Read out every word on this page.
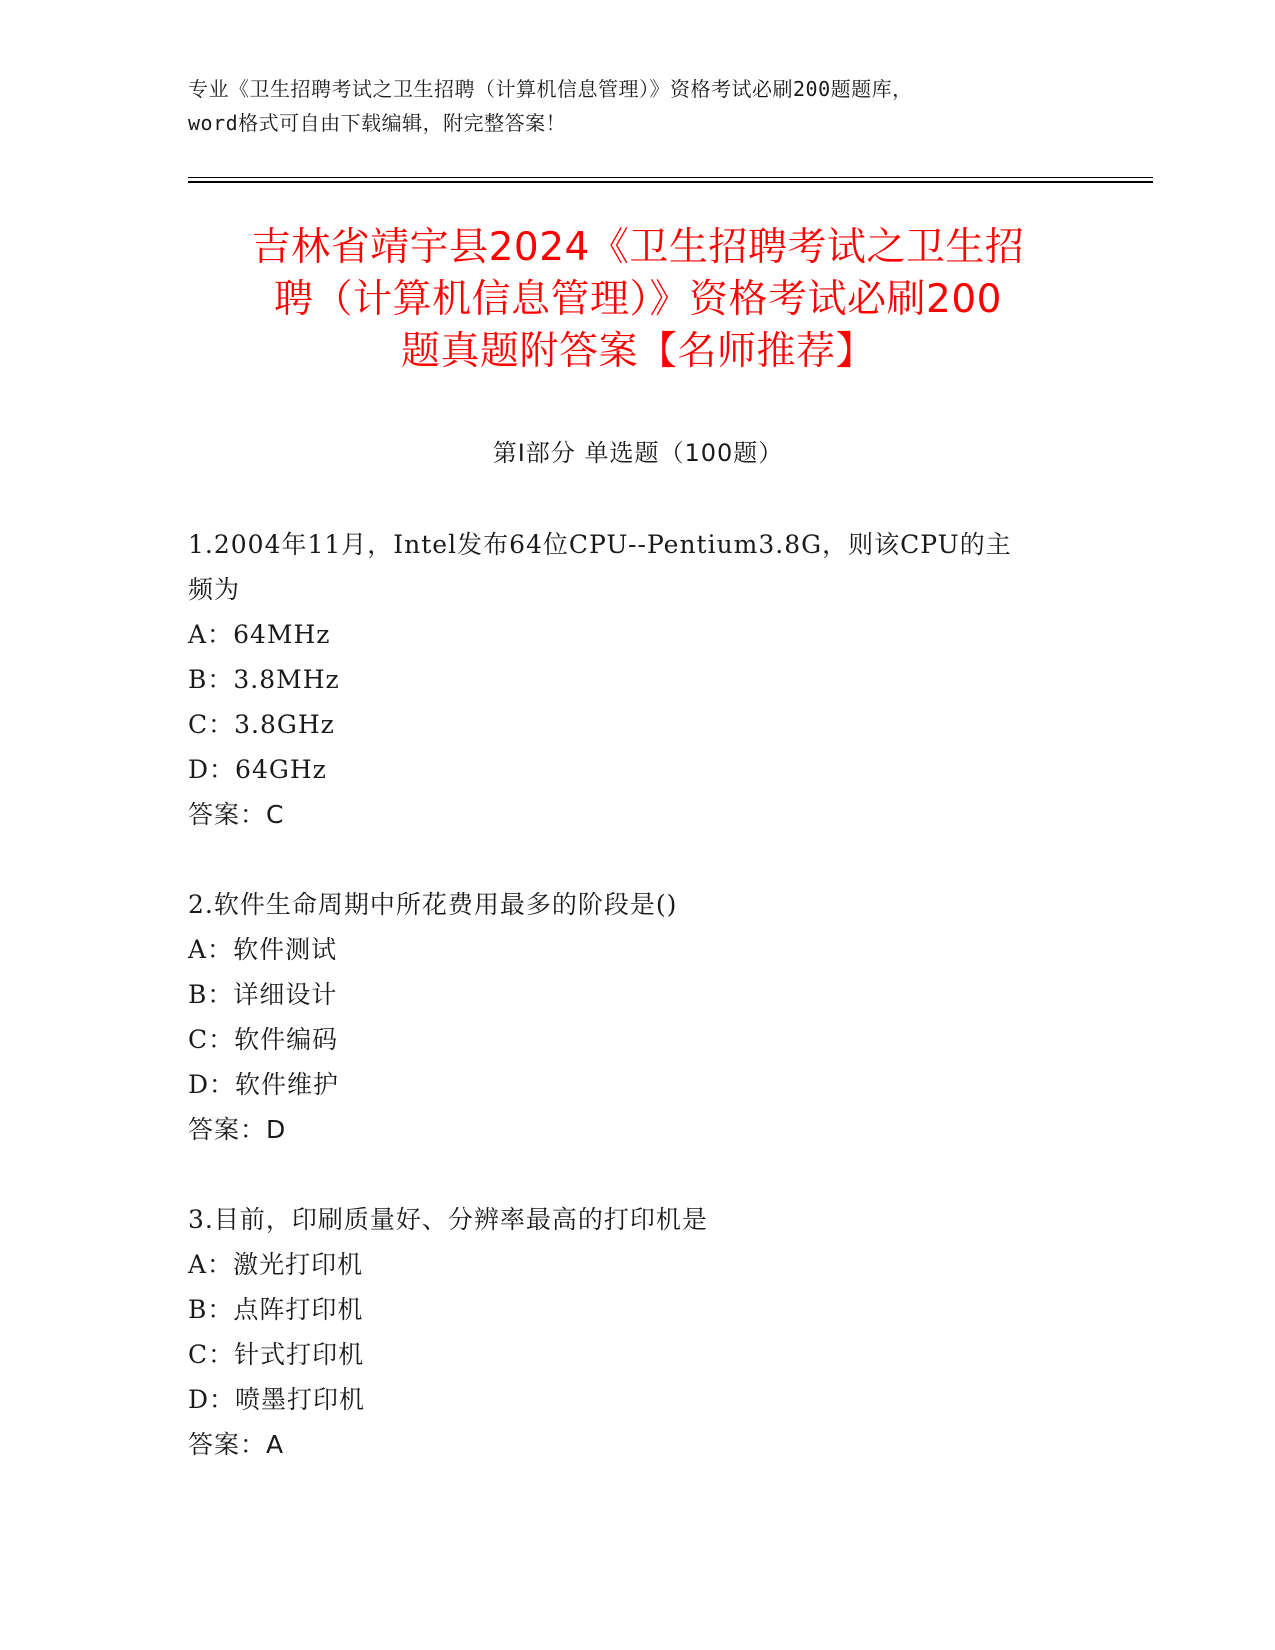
专业《卫生招聘考试之卫生招聘（计算机信息管理）》资格考试必刷200题题库，
word格式可自由下载编辑，附完整答案！
吉林省靖宇县2024《卫生招聘考试之卫生招
聘（计算机信息管理）》资格考试必刷200
题真题附答案【名师推荐】
第Ⅰ部分 单选题（100题）
1.2004年11月，Intel发布64位CPU--Pentium3.8G，则该CPU的主
频为
A：64MHz
B：3.8MHz
C：3.8GHz
D：64GHz
答案：C
2.软件生命周期中所花费用最多的阶段是()
A：软件测试
B：详细设计
C：软件编码
D：软件维护
答案：D
3.目前，印刷质量好、分辨率最高的打印机是
A：激光打印机
B：点阵打印机
C：针式打印机
D：喷墨打印机
答案：A
